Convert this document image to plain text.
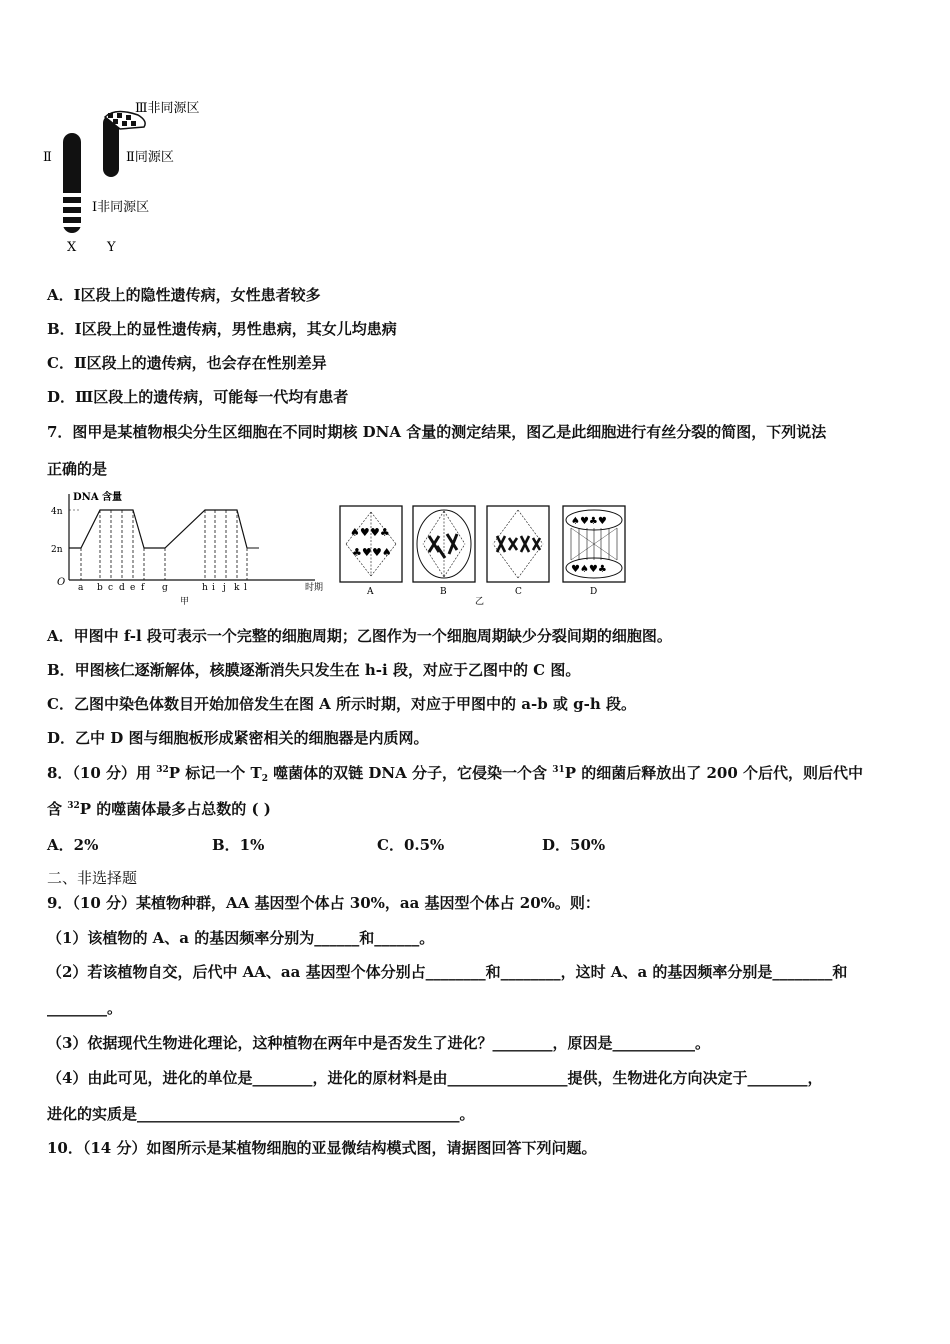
Ⅲ非同源区
Ⅱ同源区
Ⅱ
Ⅰ非同源区
X Y
A．Ⅰ区段上的隐性遗传病，女性患者较多
B．I区段上的显性遗传病，男性患病，其女儿均患病
C．Ⅱ区段上的遗传病，也会存在性别差异
D．Ⅲ区段上的遗传病，可能每一代均有患者
7．图甲是某植物根尖分生区细胞在不同时期核 DNA 含量的测定结果，图乙是此细胞进行有丝分裂的简图，下列说法
正确的是
DNA 含量
4n
2n
O	时期
a b c d e f g	h i j k l
甲
♠♥ ♥♣
♣♥ ♥♠
♠♥♣♥
♥♠♥♣
A	B	C	D
乙
A．甲图中 f-l 段可表示一个完整的细胞周期；乙图作为一个细胞周期缺少分裂间期的细胞图。
B．甲图核仁逐渐解体，核膜逐渐消失只发生在 h-i 段，对应于乙图中的 C 图。
C．乙图中染色体数目开始加倍发生在图 A 所示时期，对应于甲图中的 a-b 或 g-h 段。
D．乙中 D 图与细胞板形成紧密相关的细胞器是内质网。
8．（10 分）用 $^{32}$P 标记一个 $T_2$ 噬菌体的双链 DNA 分子，它侵染一个含 $^{31}$P 的细菌后释放出了 200 个后代，则后代中
含 $^{32}$P 的噬菌体最多占总数的 ( )
A．2%	B．1%	C．0.5%	D．50%
二、非选择题
9．（10 分）某植物种群，AA 基因型个体占 30%，aa 基因型个体占 20%。则：
（1）该植物的 A、a 的基因频率分别为______和______。
（2）若该植物自交，后代中 AA、aa 基因型个体分别占________和________，这时 A、a 的基因频率分别是________和
________。
（3）依据现代生物进化理论，这种植物在两年中是否发生了进化？________，原因是___________。
（4）由此可见，进化的单位是________，进化的原材料是由________________提供，生物进化方向决定于________，
进化的实质是___________________________________________。
10．（14 分）如图所示是某植物细胞的亚显微结构模式图，请据图回答下列问题。
